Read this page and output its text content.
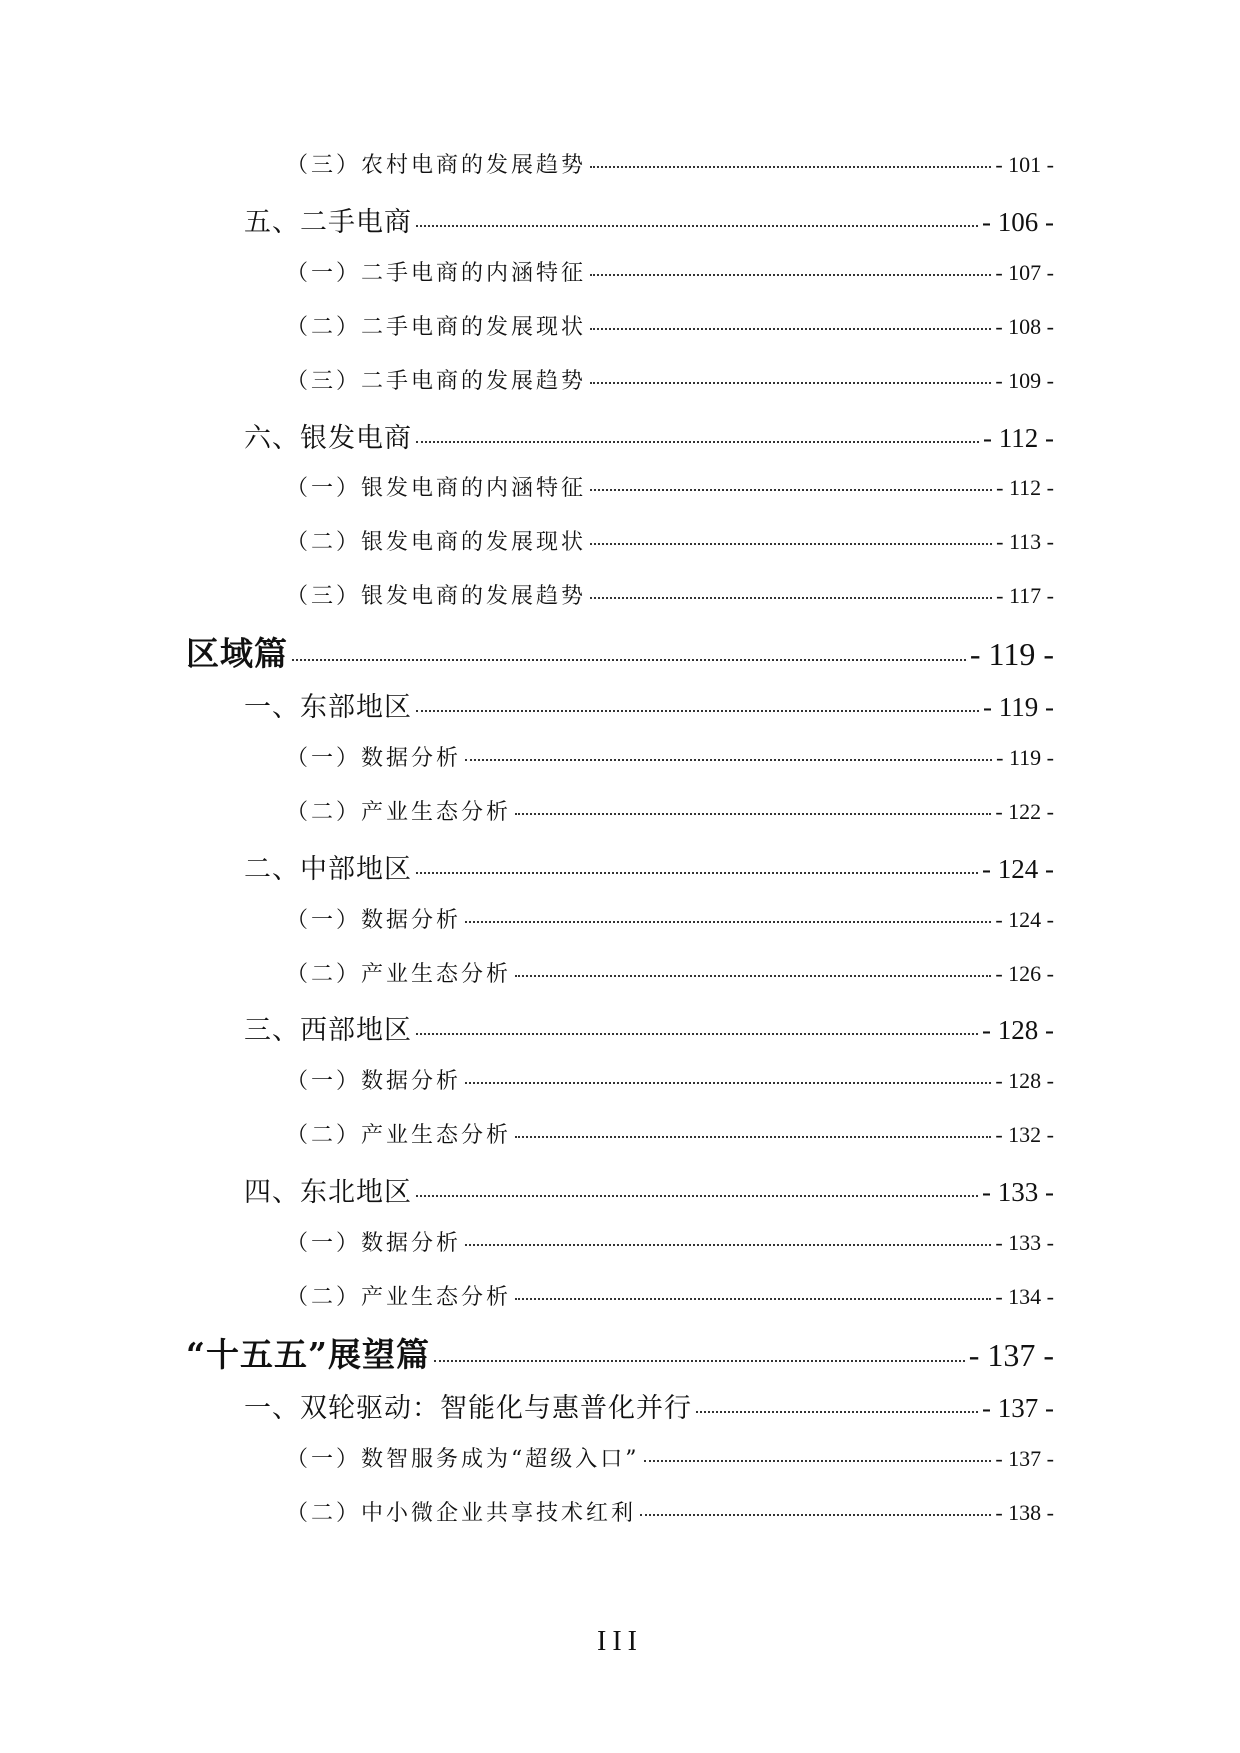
（三）农村电商的发展趋势	- 101 -
五、二手电商	- 106 -
（一）二手电商的内涵特征	- 107 -
（二）二手电商的发展现状	- 108 -
（三）二手电商的发展趋势	- 109 -
六、银发电商	- 112 -
（一）银发电商的内涵特征	- 112 -
（二）银发电商的发展现状	- 113 -
（三）银发电商的发展趋势	- 117 -
区域篇	- 119 -
一、东部地区	- 119 -
（一）数据分析	- 119 -
（二）产业生态分析	- 122 -
二、中部地区	- 124 -
（一）数据分析	- 124 -
（二）产业生态分析	- 126 -
三、西部地区	- 128 -
（一）数据分析	- 128 -
（二）产业生态分析	- 132 -
四、东北地区	- 133 -
（一）数据分析	- 133 -
（二）产业生态分析	- 134 -
“十五五”展望篇	- 137 -
一、双轮驱动：智能化与惠普化并行	- 137 -
（一）数智服务成为“超级入口”	- 137 -
（二）中小微企业共享技术红利	- 138 -
III
